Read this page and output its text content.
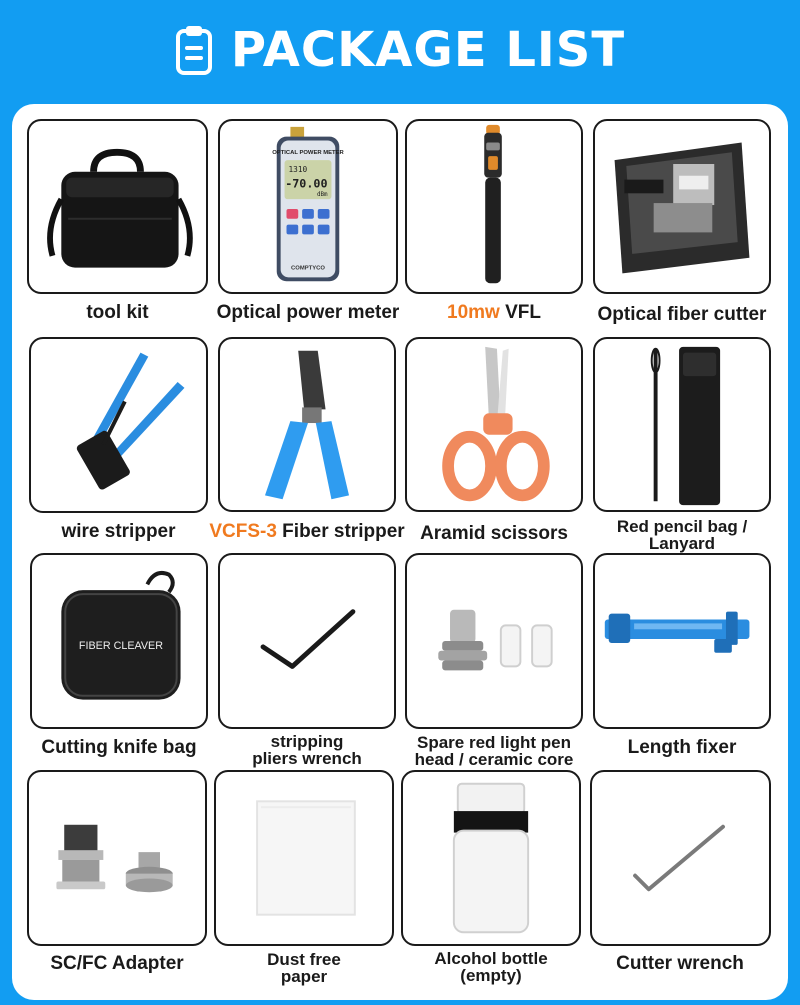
PACKAGE LIST
tool kit
OPTICAL POWER METER
1310
-70.00
dBm
COMPTYCO
Optical power meter	10mw VFL	Optical fiber cutter
wire stripper	VCFS-3 Fiber stripper Aramid scissors	Red pencil bag /
Lanyard
FIBER CLEAVER
Cutting knife bag	stripping
pliers wrench
Spare red light pen
head / ceramic core
Length fixer
SC/FC Adapter	Dust free
paper
Alcohol bottle
(empty)
Cutter wrench
